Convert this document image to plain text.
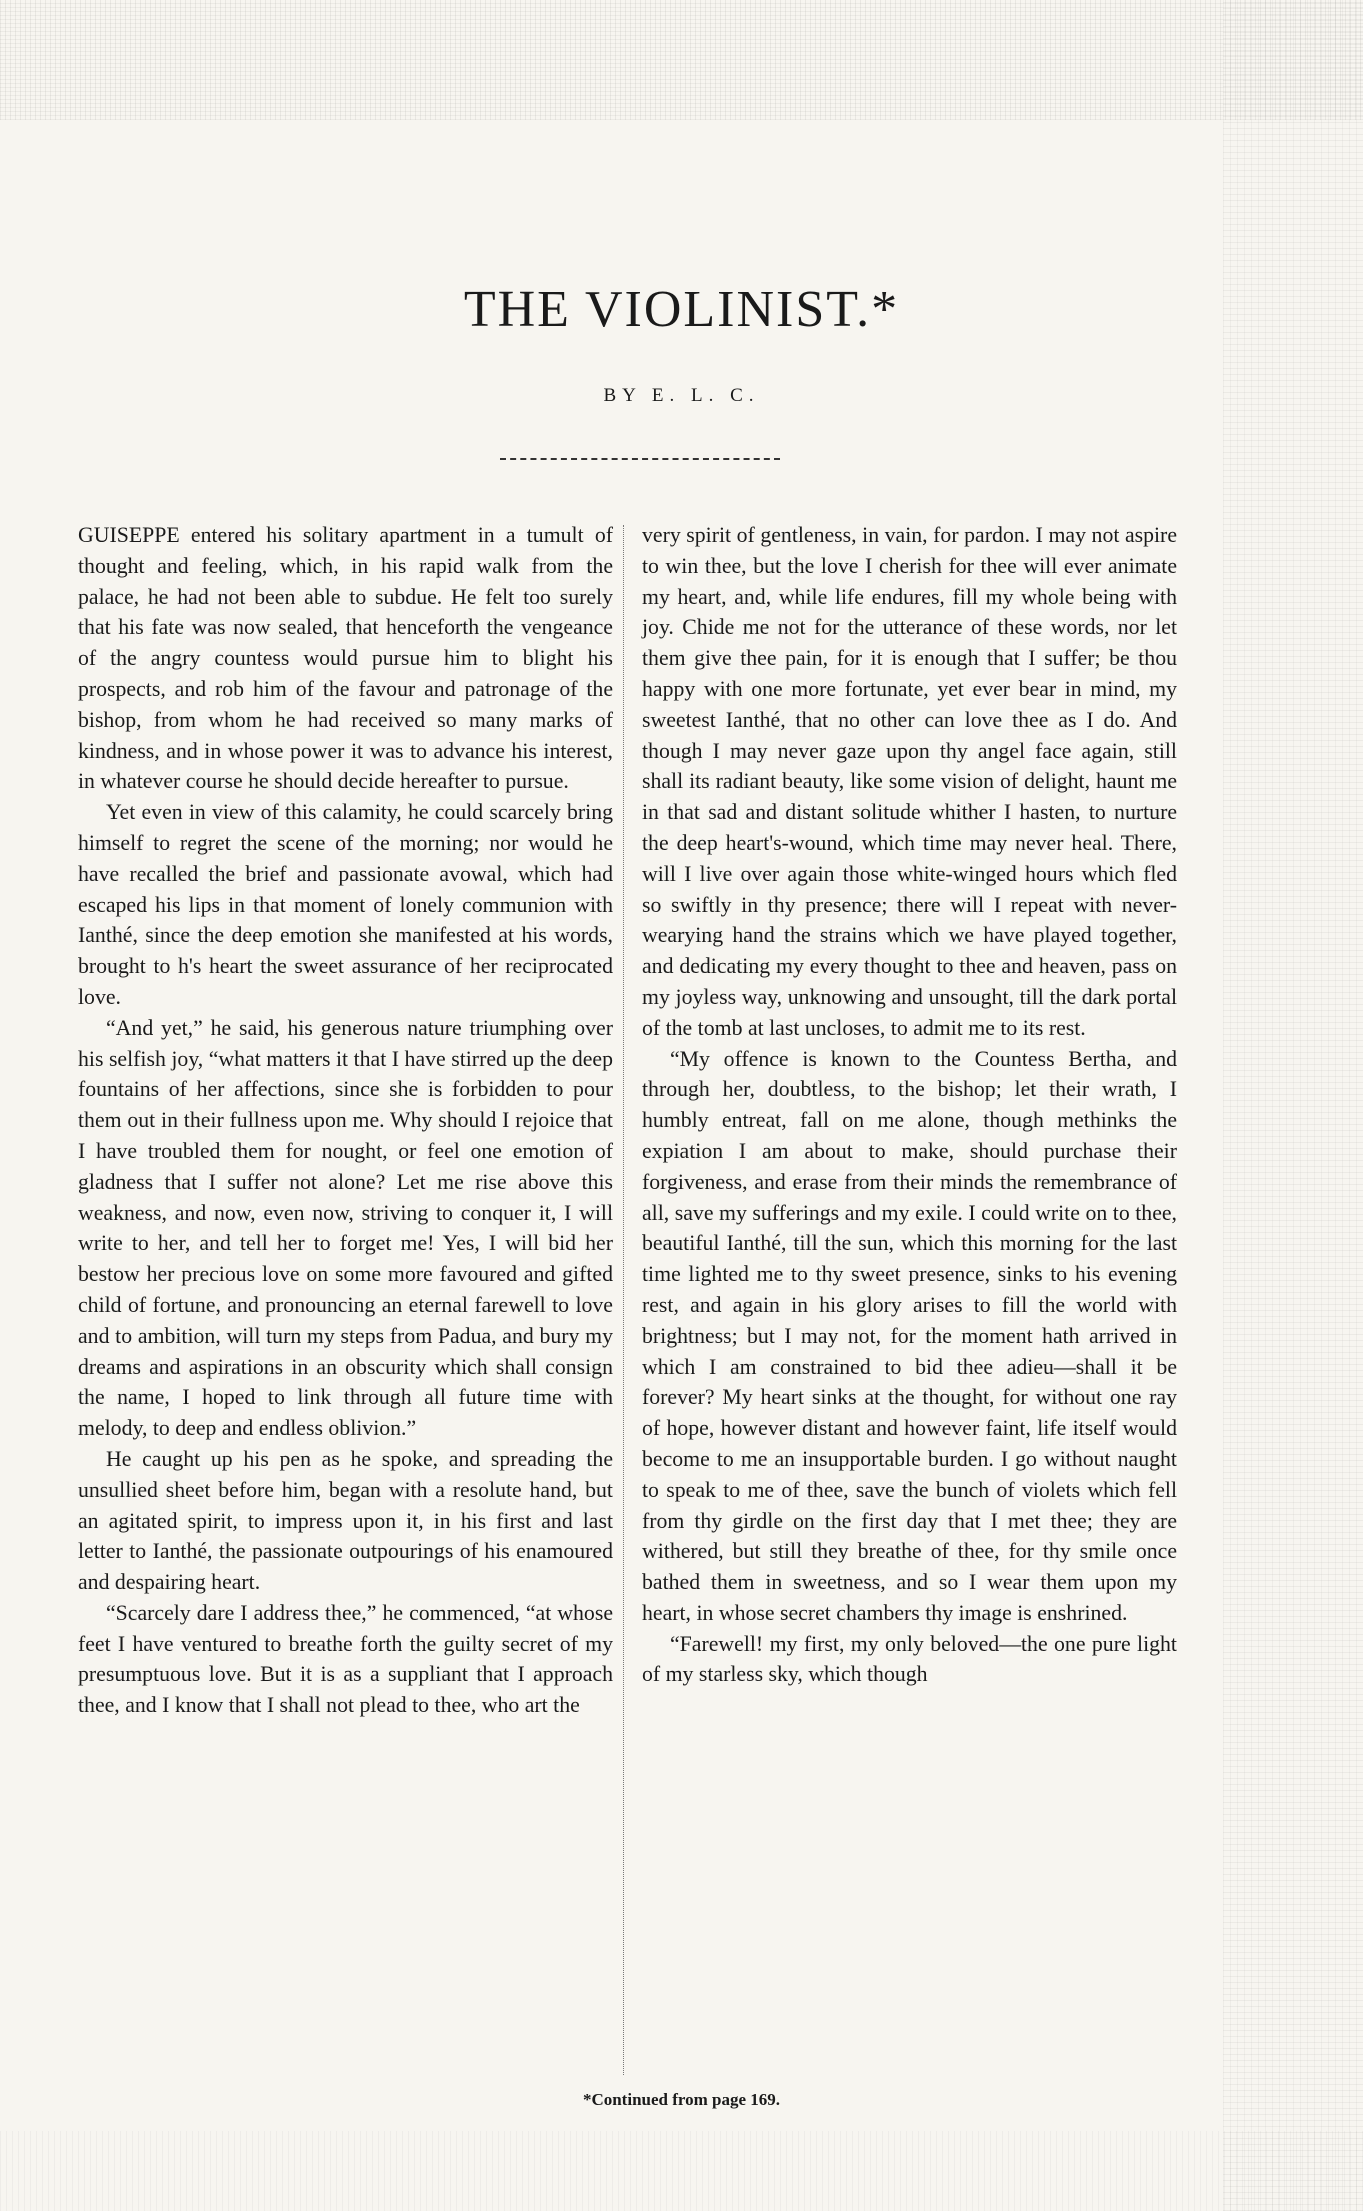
THE VIOLINIST.*
BY E. L. C.

GUISEPPE entered his solitary apartment in a tumult of thought and feeling, which, in his rapid walk from the palace, he had not been able to subdue. He felt too surely that his fate was now sealed, that henceforth the vengeance of the angry countess would pursue him to blight his prospects, and rob him of the favour and patronage of the bishop, from whom he had received so many marks of kindness, and in whose power it was to advance his interest, in whatever course he should decide hereafter to pursue.

Yet even in view of this calamity, he could scarcely bring himself to regret the scene of the morning; nor would he have recalled the brief and passionate avowal, which had escaped his lips in that moment of lonely communion with Ianthé, since the deep emotion she manifested at his words, brought to h's heart the sweet assurance of her reciprocated love.

“And yet,” he said, his generous nature triumphing over his selfish joy, “what matters it that I have stirred up the deep fountains of her affections, since she is forbidden to pour them out in their fullness upon me. Why should I rejoice that I have troubled them for nought, or feel one emotion of gladness that I suffer not alone? Let me rise above this weakness, and now, even now, striving to conquer it, I will write to her, and tell her to forget me! Yes, I will bid her bestow her precious love on some more favoured and gifted child of fortune, and pronouncing an eternal farewell to love and to ambition, will turn my steps from Padua, and bury my dreams and aspirations in an obscurity which shall consign the name, I hoped to link through all future time with melody, to deep and endless oblivion.”

He caught up his pen as he spoke, and spreading the unsullied sheet before him, began with a resolute hand, but an agitated spirit, to impress upon it, in his first and last letter to Ianthé, the passionate outpourings of his enamoured and despairing heart.

“Scarcely dare I address thee,” he commenced, “at whose feet I have ventured to breathe forth the guilty secret of my presumptuous love. But it is as a suppliant that I approach thee, and I know that I shall not plead to thee, who art the

very spirit of gentleness, in vain, for pardon. I may not aspire to win thee, but the love I cherish for thee will ever animate my heart, and, while life endures, fill my whole being with joy. Chide me not for the utterance of these words, nor let them give thee pain, for it is enough that I suffer; be thou happy with one more fortunate, yet ever bear in mind, my sweetest Ianthé, that no other can love thee as I do. And though I may never gaze upon thy angel face again, still shall its radiant beauty, like some vision of delight, haunt me in that sad and distant solitude whither I hasten, to nurture the deep heart's-wound, which time may never heal. There, will I live over again those white-winged hours which fled so swiftly in thy presence; there will I repeat with never-wearying hand the strains which we have played together, and dedicating my every thought to thee and heaven, pass on my joyless way, unknowing and unsought, till the dark portal of the tomb at last uncloses, to admit me to its rest.

“My offence is known to the Countess Bertha, and through her, doubtless, to the bishop; let their wrath, I humbly entreat, fall on me alone, though methinks the expiation I am about to make, should purchase their forgiveness, and erase from their minds the remembrance of all, save my sufferings and my exile. I could write on to thee, beautiful Ianthé, till the sun, which this morning for the last time lighted me to thy sweet presence, sinks to his evening rest, and again in his glory arises to fill the world with brightness; but I may not, for the moment hath arrived in which I am constrained to bid thee adieu—shall it be forever? My heart sinks at the thought, for without one ray of hope, however distant and however faint, life itself would become to me an insupportable burden. I go without naught to speak to me of thee, save the bunch of violets which fell from thy girdle on the first day that I met thee; they are withered, but still they breathe of thee, for thy smile once bathed them in sweetness, and so I wear them upon my heart, in whose secret chambers thy image is enshrined.

“Farewell! my first, my only beloved—the one pure light of my starless sky, which though

*Continued from page 169.
